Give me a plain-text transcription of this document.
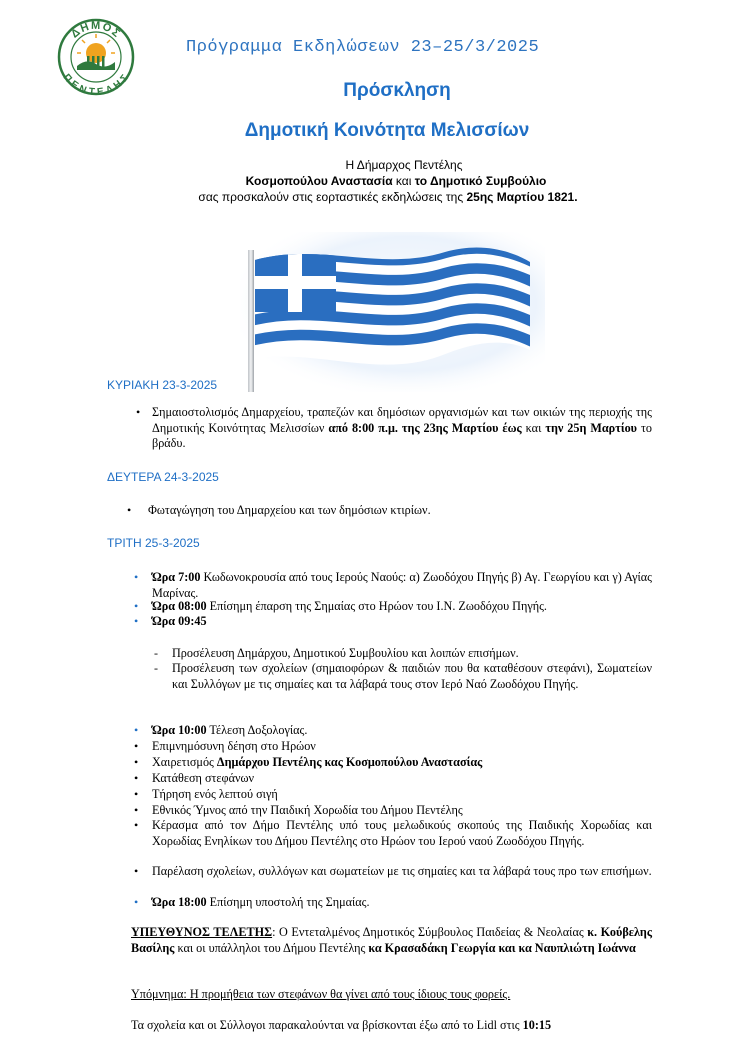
ΔΗΜΟΣ
ΠΕΝΤΕΛΗΣ
Πρόγραμμα Εκδηλώσεων 23–25/3/2025
Πρόσκληση
Δημοτική Κοινότητα Μελισσίων
Η Δήμαρχος Πεντέλης
Κοσμοπούλου Αναστασία και το Δημοτικό Συμβούλιο
σας προσκαλούν στις εορταστικές εκδηλώσεις της 25ης Μαρτίου 1821.
ΚΥΡΙΑΚΗ 23-3-2025
• Σημαιοστολισμός Δημαρχείου, τραπεζών και δημόσιων οργανισμών και των οικιών της περιοχής της Δημοτικής Κοινότητας Μελισσίων από 8:00 π.μ. της 23ης Μαρτίου έως και την 25η Μαρτίου το βράδυ.
ΔΕΥΤΕΡΑ 24-3-2025
• Φωταγώγηση του Δημαρχείου και των δημόσιων κτιρίων.
ΤΡΙΤΗ 25-3-2025
• Ώρα 7:00 Κωδωνοκρουσία από τους Ιερούς Ναούς: α) Ζωοδόχου Πηγής β) Αγ. Γεωργίου και γ) Αγίας Μαρίνας.
• Ώρα 08:00 Επίσημη έπαρση της Σημαίας στο Ηρώον του Ι.Ν. Ζωοδόχου Πηγής.
• Ώρα 09:45
- Προσέλευση Δημάρχου, Δημοτικού Συμβουλίου και λοιπών επισήμων.
- Προσέλευση των σχολείων (σημαιοφόρων & παιδιών που θα καταθέσουν στεφάνι), Σωματείων και Συλλόγων με τις σημαίες και τα λάβαρά τους στον Ιερό Ναό Ζωοδόχου Πηγής.
• Ώρα 10:00 Τέλεση Δοξολογίας.
• Επιμνημόσυνη δέηση στο Ηρώον
• Χαιρετισμός Δημάρχου Πεντέλης κας Κοσμοπούλου Αναστασίας
• Κατάθεση στεφάνων
• Τήρηση ενός λεπτού σιγή
• Εθνικός Ύμνος από την Παιδική Χορωδία του Δήμου Πεντέλης
• Κέρασμα από τον Δήμο Πεντέλης υπό τους μελωδικούς σκοπούς της Παιδικής Χορωδίας και Χορωδίας Ενηλίκων του Δήμου Πεντέλης στο Ηρώον του Ιερού ναού Ζωοδόχου Πηγής.
• Παρέλαση σχολείων, συλλόγων και σωματείων με τις σημαίες και τα λάβαρά τους προ των επισήμων.
• Ώρα 18:00 Επίσημη υποστολή της Σημαίας.
ΥΠΕΥΘΥΝΟΣ ΤΕΛΕΤΗΣ: Ο Εντεταλμένος Δημοτικός Σύμβουλος Παιδείας & Νεολαίας κ. Κούβελης Βασίλης και οι υπάλληλοι του Δήμου Πεντέλης κα Κρασαδάκη Γεωργία και κα Ναυπλιώτη Ιωάννα
Υπόμνημα: Η προμήθεια των στεφάνων θα γίνει από τους ίδιους τους φορείς.
Τα σχολεία και οι Σύλλογοι παρακαλούνται να βρίσκονται έξω από το Lidl στις 10:15
